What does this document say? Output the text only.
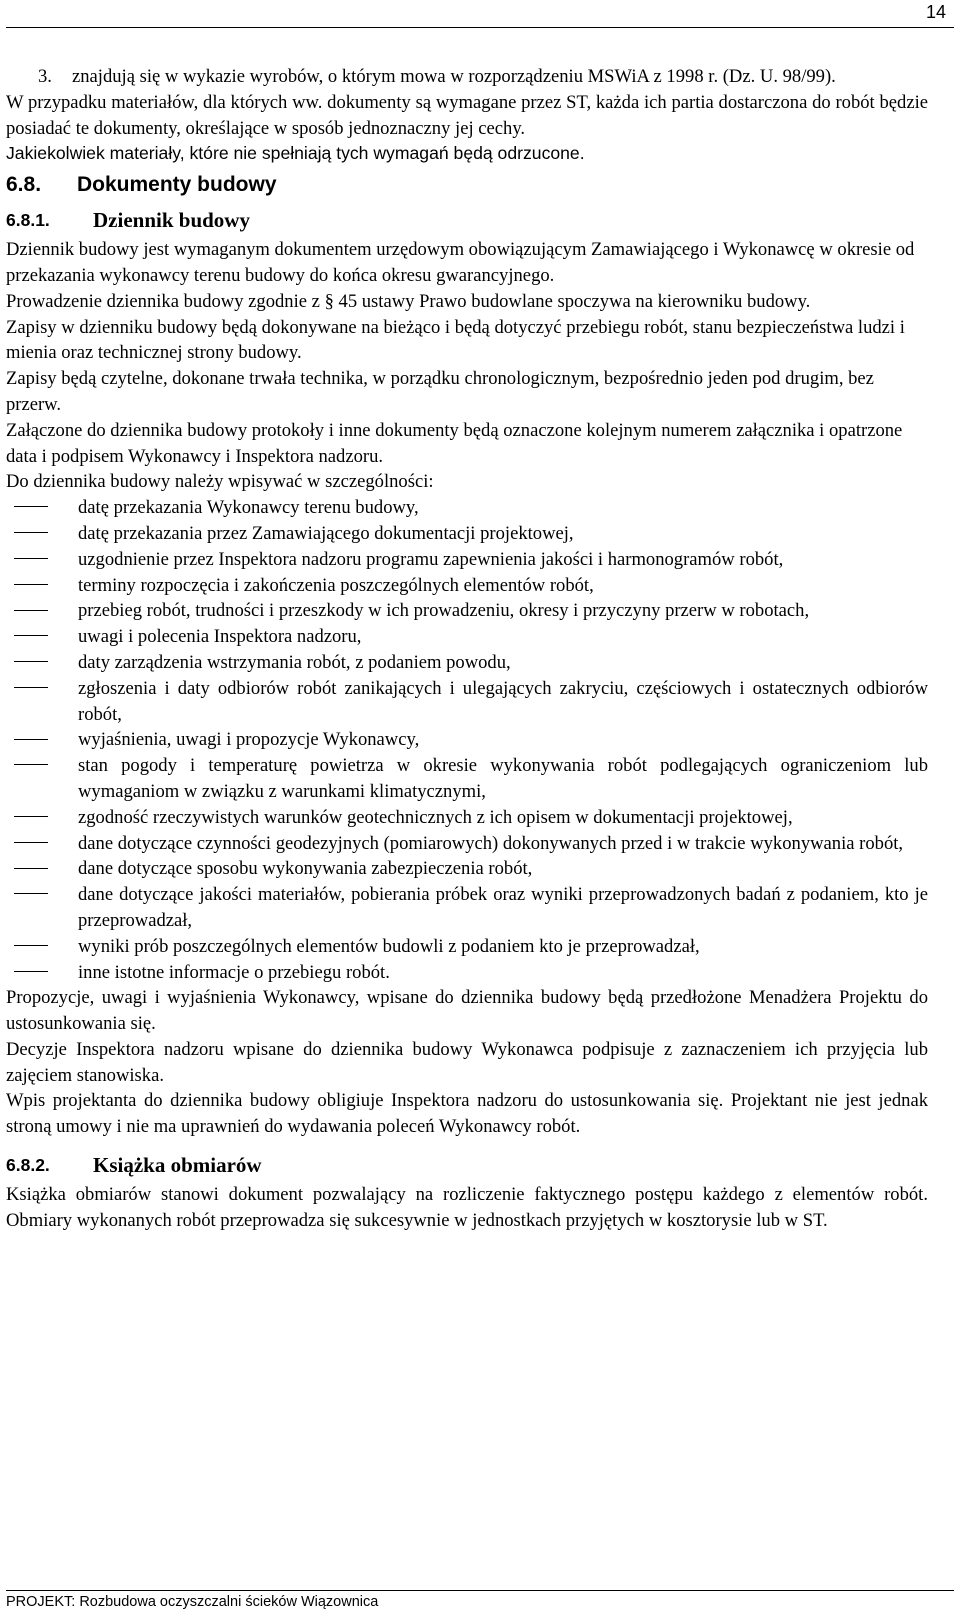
14
3.	znajdują się w wykazie wyrobów, o którym mowa w rozporządzeniu MSWiA z 1998 r. (Dz. U. 98/99).

W przypadku materiałów, dla których ww. dokumenty są wymagane przez ST, każda ich partia dostarczona do robót będzie posiadać te dokumenty, określające w sposób jednoznaczny jej cechy.

Jakiekolwiek materiały, które nie spełniają tych wymagań będą odrzucone.

6.8.	Dokumenty budowy
6.8.1.	Dziennik budowy

Dziennik budowy jest wymaganym dokumentem urzędowym obowiązującym Zamawiającego i Wykonawcę w okresie od przekazania wykonawcy terenu budowy do końca okresu gwarancyjnego.

Prowadzenie dziennika budowy zgodnie z § 45 ustawy Prawo budowlane spoczywa na kierowniku budowy.

Zapisy w dzienniku budowy będą dokonywane na bieżąco i będą dotyczyć przebiegu robót, stanu bezpieczeństwa ludzi i mienia oraz technicznej strony budowy.

Zapisy będą czytelne, dokonane trwała technika, w porządku chronologicznym, bezpośrednio jeden pod drugim, bez przerw.

Załączone do dziennika budowy protokoły i inne dokumenty będą oznaczone kolejnym numerem załącznika i opatrzone data i podpisem Wykonawcy i Inspektora nadzoru.

Do dziennika budowy należy wpisywać w szczególności:

datę przekazania Wykonawcy terenu budowy,
datę przekazania przez Zamawiającego dokumentacji projektowej,
uzgodnienie przez Inspektora nadzoru programu zapewnienia jakości i harmonogramów robót,
terminy rozpoczęcia i zakończenia poszczególnych elementów robót,
przebieg robót, trudności i przeszkody w ich prowadzeniu, okresy i przyczyny przerw w robotach,
uwagi i polecenia Inspektora nadzoru,
daty zarządzenia wstrzymania robót, z podaniem powodu,
zgłoszenia i daty odbiorów robót zanikających i ulegających zakryciu, częściowych i ostatecznych odbiorów robót,
wyjaśnienia, uwagi i propozycje Wykonawcy,
stan pogody i temperaturę powietrza w okresie wykonywania robót podlegających ograniczeniom lub wymaganiom w związku z warunkami klimatycznymi,
zgodność rzeczywistych warunków geotechnicznych z ich opisem w dokumentacji projektowej,
dane dotyczące czynności geodezyjnych (pomiarowych) dokonywanych przed i w trakcie wykonywania robót,
dane dotyczące sposobu wykonywania zabezpieczenia robót,
dane dotyczące jakości materiałów, pobierania próbek oraz wyniki przeprowadzonych badań z podaniem, kto je przeprowadzał,
wyniki prób poszczególnych elementów budowli z podaniem kto je przeprowadzał,
inne istotne informacje o przebiegu robót.

Propozycje, uwagi i wyjaśnienia Wykonawcy, wpisane do dziennika budowy będą przedłożone Menadżera Projektu do ustosunkowania się.

Decyzje Inspektora nadzoru wpisane do dziennika budowy Wykonawca podpisuje z zaznaczeniem ich przyjęcia lub zajęciem stanowiska.

Wpis projektanta do dziennika budowy obligiuje Inspektora nadzoru do ustosunkowania się. Projektant nie jest jednak stroną umowy i nie ma uprawnień do wydawania poleceń Wykonawcy robót.

6.8.2.	Książka obmiarów

Książka obmiarów stanowi dokument pozwalający na rozliczenie faktycznego postępu każdego z elementów robót. Obmiary wykonanych robót przeprowadza się sukcesywnie w jednostkach przyjętych w kosztorysie lub w ST.

PROJEKT: Rozbudowa oczyszczalni ścieków Wiązownica
